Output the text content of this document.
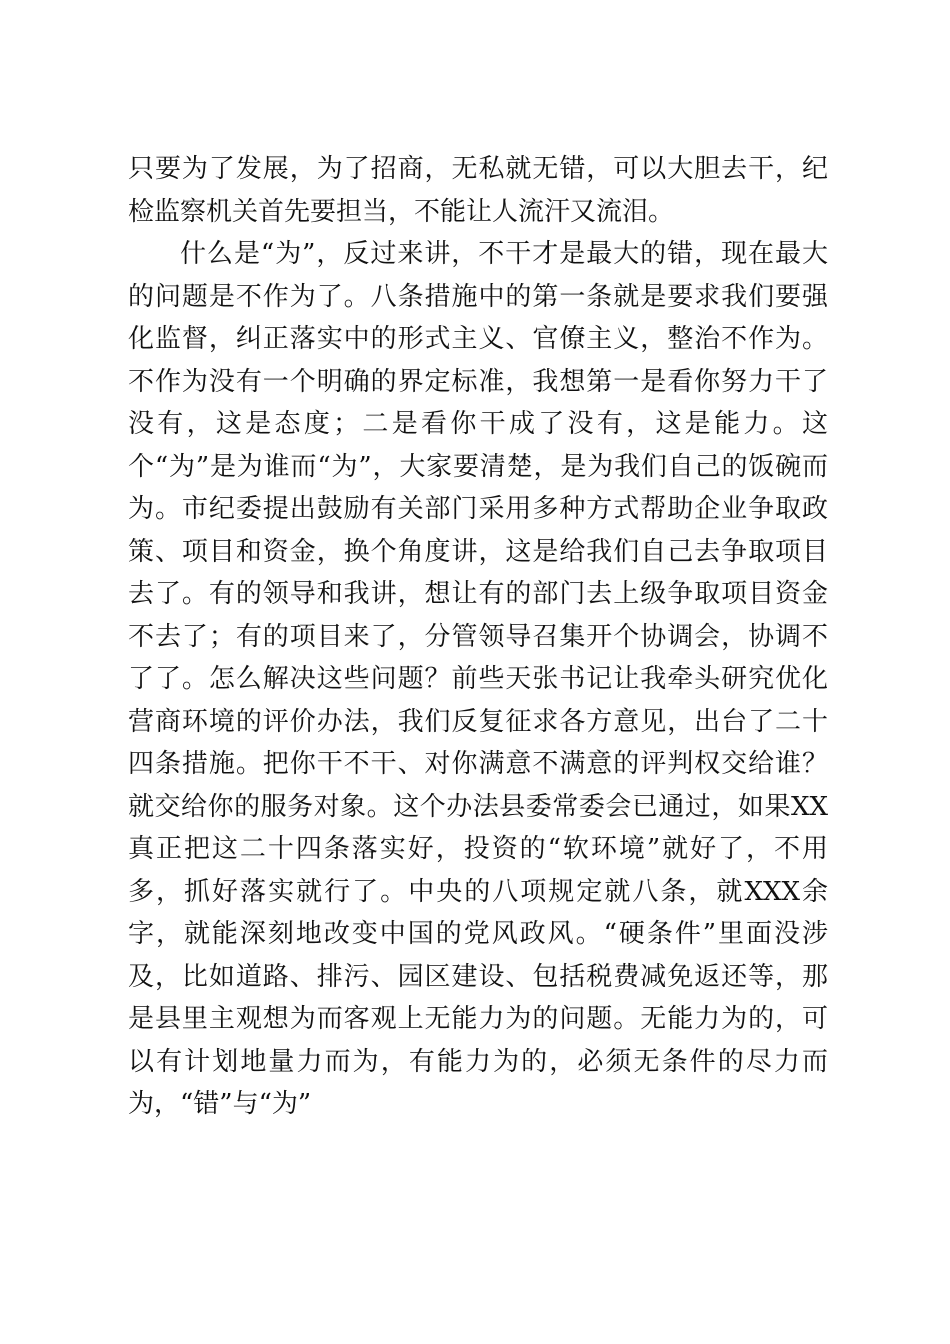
只要为了发展，为了招商，无私就无错，可以大胆去干，纪检监察机关首先要担当，不能让人流汗又流泪。

什么是“为”，反过来讲，不干才是最大的错，现在最大的问题是不作为了。八条措施中的第一条就是要求我们要强化监督，纠正落实中的形式主义、官僚主义，整治不作为。不作为没有一个明确的界定标准，我想第一是看你努力干了没有，这是态度；二是看你干成了没有，这是能力。这个“为”是为谁而“为”，大家要清楚，是为我们自己的饭碗而为。市纪委提出鼓励有关部门采用多种方式帮助企业争取政策、项目和资金，换个角度讲，这是给我们自己去争取项目去了。有的领导和我讲，想让有的部门去上级争取项目资金不去了；有的项目来了，分管领导召集开个协调会，协调不了了。怎么解决这些问题？前些天张书记让我牵头研究优化营商环境的评价办法，我们反复征求各方意见，出台了二十四条措施。把你干不干、对你满意不满意的评判权交给谁？就交给你的服务对象。这个办法县委常委会已通过，如果XX真正把这二十四条落实好，投资的“软环境”就好了，不用多，抓好落实就行了。中央的八项规定就八条，就XXX余字，就能深刻地改变中国的党风政风。“硬条件”里面没涉及，比如道路、排污、园区建设、包括税费减免返还等，那是县里主观想为而客观上无能力为的问题。无能力为的，可以有计划地量力而为，有能力为的，必须无条件的尽力而为，“错”与“为”
